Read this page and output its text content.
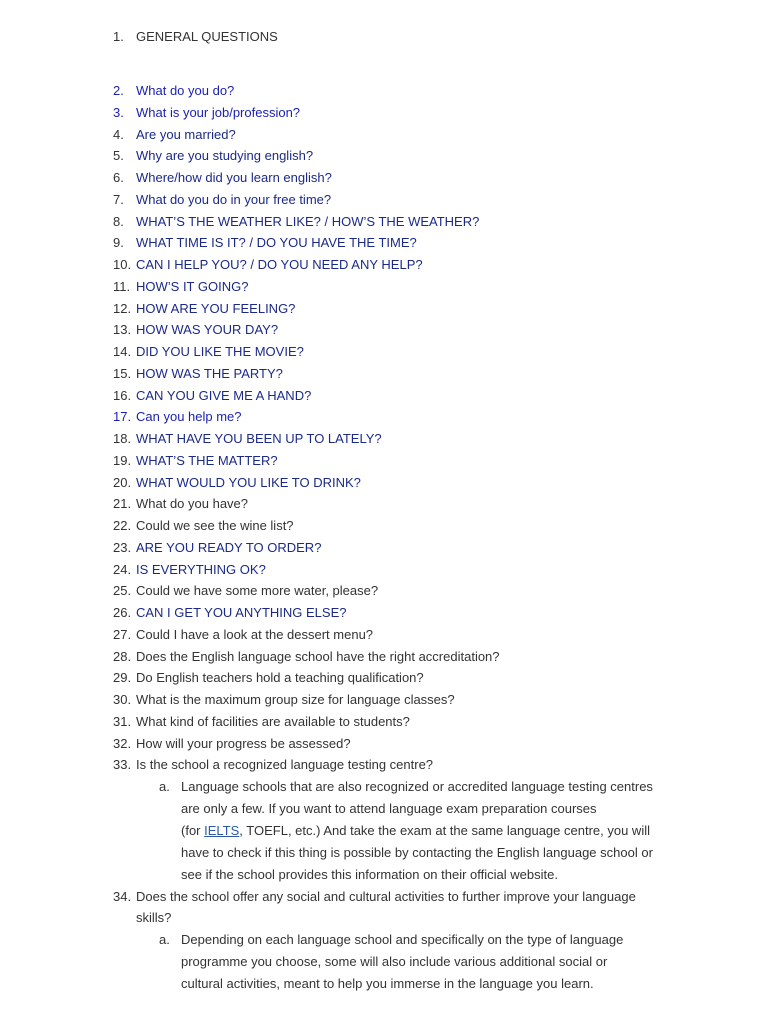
1. GENERAL QUESTIONS
2. What do you do?
3. What is your job/profession?
4. Are you married?
5. Why are you studying english?
6. Where/how did you learn english?
7. What do you do in your free time?
8. WHAT’S THE WEATHER LIKE? / HOW’S THE WEATHER?
9. WHAT TIME IS IT? / DO YOU HAVE THE TIME?
10. CAN I HELP YOU? / DO YOU NEED ANY HELP?
11. HOW’S IT GOING?
12. HOW ARE YOU FEELING?
13. HOW WAS YOUR DAY?
14. DID YOU LIKE THE MOVIE?
15. HOW WAS THE PARTY?
16. CAN YOU GIVE ME A HAND?
17. Can you help me?
18. WHAT HAVE YOU BEEN UP TO LATELY?
19. WHAT’S THE MATTER?
20. WHAT WOULD YOU LIKE TO DRINK?
21. What do you have?
22. Could we see the wine list?
23. ARE YOU READY TO ORDER?
24. IS EVERYTHING OK?
25. Could we have some more water, please?
26. CAN I GET YOU ANYTHING ELSE?
27. Could I have a look at the dessert menu?
28. Does the English language school have the right accreditation?
29. Do English teachers hold a teaching qualification?
30. What is the maximum group size for language classes?
31. What kind of facilities are available to students?
32. How will your progress be assessed?
33. Is the school a recognized language testing centre?
a. Language schools that are also recognized or accredited language testing centres
are only a few. If you want to attend language exam preparation courses
(for IELTS, TOEFL, etc.) And take the exam at the same language centre, you will
have to check if this thing is possible by contacting the English language school or
see if the school provides this information on their official website.
34. Does the school offer any social and cultural activities to further improve your language
skills?
a. Depending on each language school and specifically on the type of language
programme you choose, some will also include various additional social or
cultural activities, meant to help you immerse in the language you learn.
